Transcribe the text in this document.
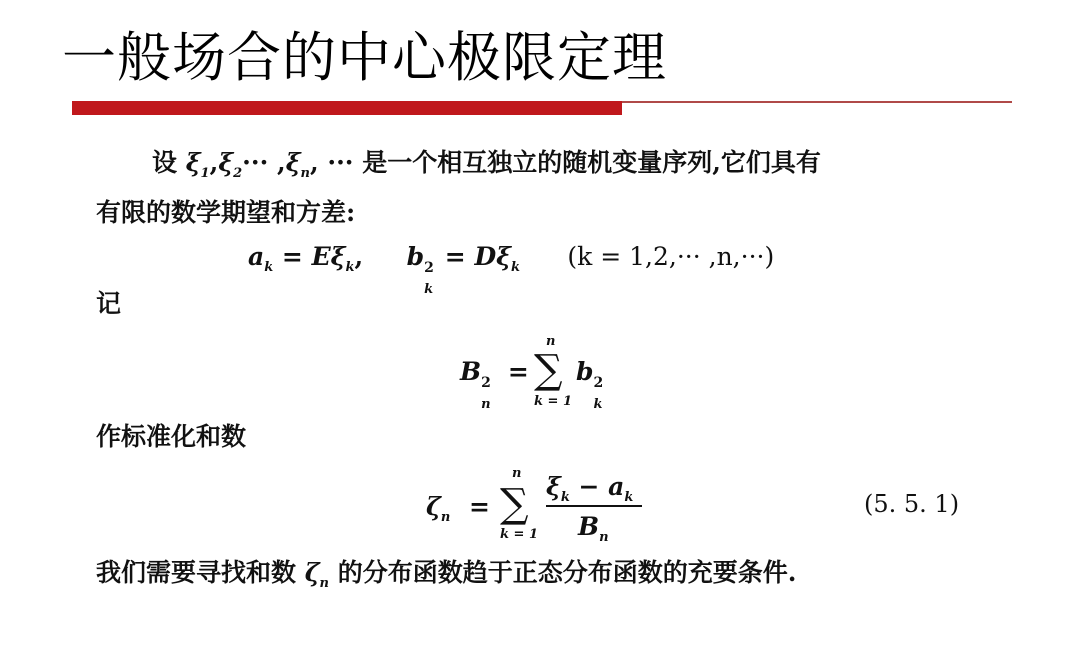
一般场合的中心极限定理
设 $\xi_1,\xi_2\cdot\cdot\cdot ,\xi_n$, ··· 是一个相互独立的随机变量序列,它们具有
有限的数学期望和方差:
$a_k = E\xi_k$, b 2
k
= $D\xi_k$ (k = 1,2,··· ,n,···)
记
B 2
n
=
n
∑
k = 1
b 2
k
作标准化和数
$\zeta_n$ =
n
∑
k = 1
$\xi_k - a_k$
$B_n$
(5. 5. 1)
我们需要寻找和数 $\zeta_n$ 的分布函数趋于正态分布函数的充要条件.
